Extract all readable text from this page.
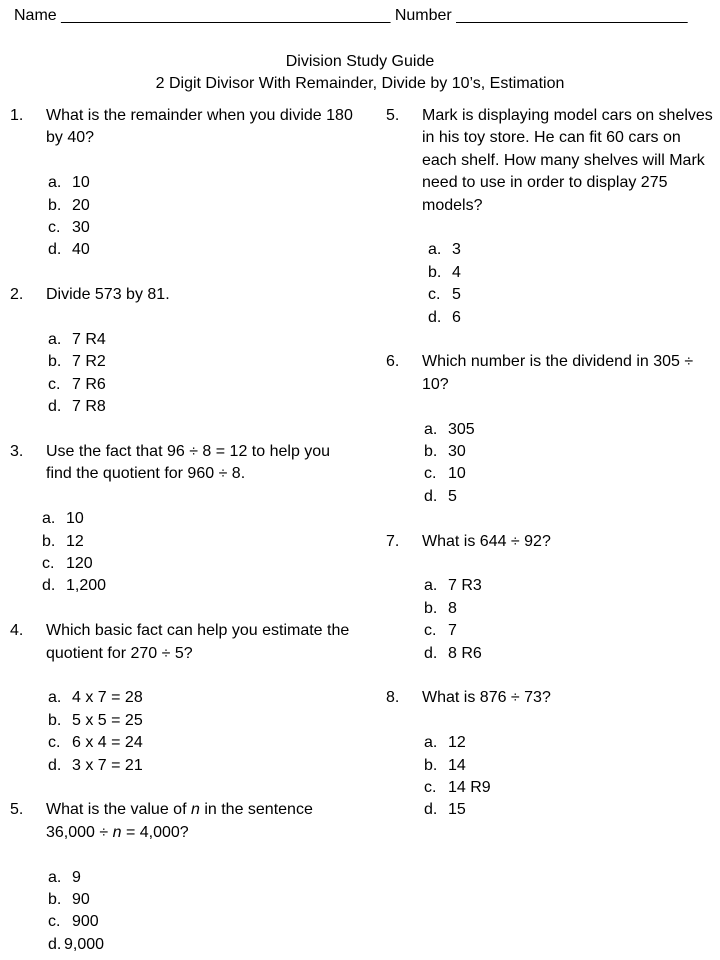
Name _____________________________________ Number __________________________
Division Study Guide
2 Digit Divisor With Remainder, Divide by 10’s, Estimation
1. What is the remainder when you divide 180 by 40?
a. 10
b. 20
c. 30
d. 40
2. Divide 573 by 81.
a. 7 R4
b. 7 R2
c. 7 R6
d. 7 R8
3. Use the fact that 96 ÷ 8 = 12 to help you find the quotient for 960 ÷ 8.
a. 10
b. 12
c. 120
d. 1,200
4. Which basic fact can help you estimate the quotient for 270 ÷ 5?
a. 4 x 7 = 28
b. 5 x 5 = 25
c. 6 x 4 = 24
d. 3 x 7 = 21
5. What is the value of n in the sentence 36,000 ÷ n = 4,000?
a. 9
b. 90
c. 900
d. 9,000
5. Mark is displaying model cars on shelves in his toy store. He can fit 60 cars on each shelf. How many shelves will Mark need to use in order to display 275 models?
a. 3
b. 4
c. 5
d. 6
6. Which number is the dividend in 305 ÷ 10?
a. 305
b. 30
c. 10
d. 5
7. What is 644 ÷ 92?
a. 7 R3
b. 8
c. 7
d. 8 R6
8. What is 876 ÷ 73?
a. 12
b. 14
c. 14 R9
d. 15
